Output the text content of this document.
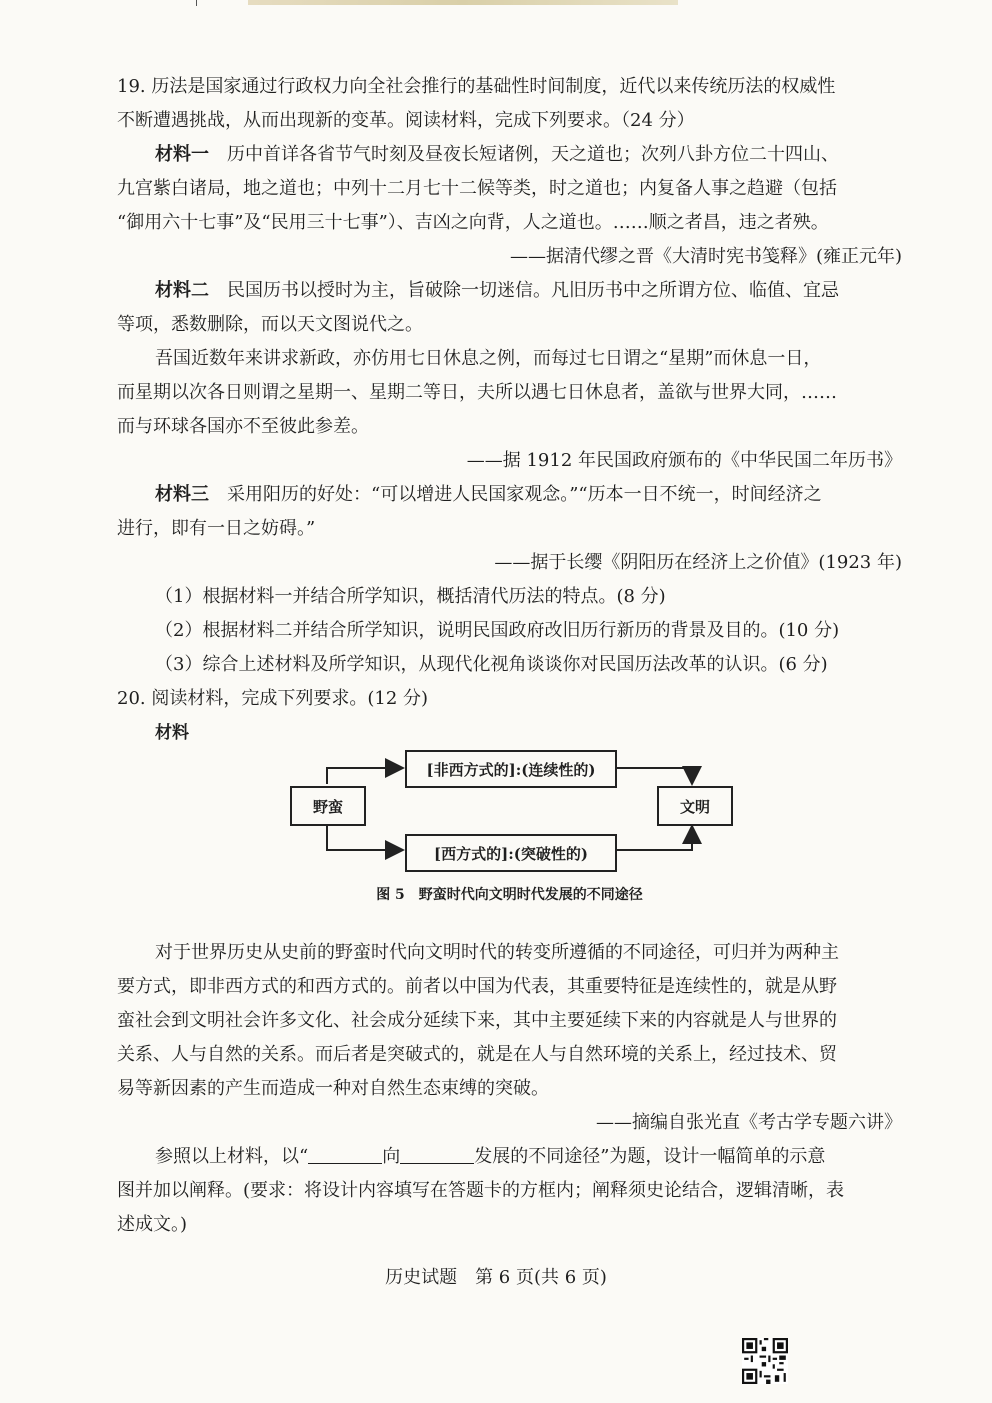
19. 历法是国家通过行政权力向全社会推行的基础性时间制度，近代以来传统历法的权威性
不断遭遇挑战，从而出现新的变革。阅读材料，完成下列要求。（24 分）
材料一　 历中首详各省节气时刻及昼夜长短诸例，天之道也；次列八卦方位二十四山、
九宫紫白诸局，地之道也；中列十二月七十二候等类，时之道也；内复备人事之趋避（包括
“御用六十七事”及“民用三十七事”）、吉凶之向背，人之道也。……顺之者昌，违之者殃。
——据清代缪之晋《大清时宪书笺释》(雍正元年)
材料二　 民国历书以授时为主，旨破除一切迷信。凡旧历书中之所谓方位、临值、宜忌
等项，悉数删除，而以天文图说代之。
吾国近数年来讲求新政，亦仿用七日休息之例，而每过七日谓之“星期”而休息一日，
而星期以次各日则谓之星期一、星期二等日，夫所以遇七日休息者，盖欲与世界大同，……
而与环球各国亦不至彼此参差。
——据 1912 年民国政府颁布的《中华民国二年历书》
材料三　 采用阳历的好处：“可以增进人民国家观念。”“历本一日不统一，时间经济之
进行，即有一日之妨碍。”
——据于长缨《阴阳历在经济上之价值》(1923 年)
（1）根据材料一并结合所学知识，概括清代历法的特点。(8 分)
（2）根据材料二并结合所学知识，说明民国政府改旧历行新历的背景及目的。(10 分)
（3）综合上述材料及所学知识，从现代化视角谈谈你对民国历法改革的认识。(6 分)
20. 阅读材料，完成下列要求。(12 分)
材料
野蛮	文明
[非西方式的]:(连续性的)
[西方式的]:(突破性的)
图 5　野蛮时代向文明时代发展的不同途径
对于世界历史从史前的野蛮时代向文明时代的转变所遵循的不同途径，可归并为两种主
要方式，即非西方式的和西方式的。前者以中国为代表，其重要特征是连续性的，就是从野
蛮社会到文明社会许多文化、社会成分延续下来，其中主要延续下来的内容就是人与世界的
关系、人与自然的关系。而后者是突破式的，就是在人与自然环境的关系上，经过技术、贸
易等新因素的产生而造成一种对自然生态束缚的突破。
——摘编自张光直《考古学专题六讲》
参照以上材料，以“	向	发展的不同途径”为题，设计一幅简单的示意
图并加以阐释。(要求：将设计内容填写在答题卡的方框内；阐释须史论结合，逻辑清晰，表
述成文。)
历史试题　第 6 页(共 6 页)
